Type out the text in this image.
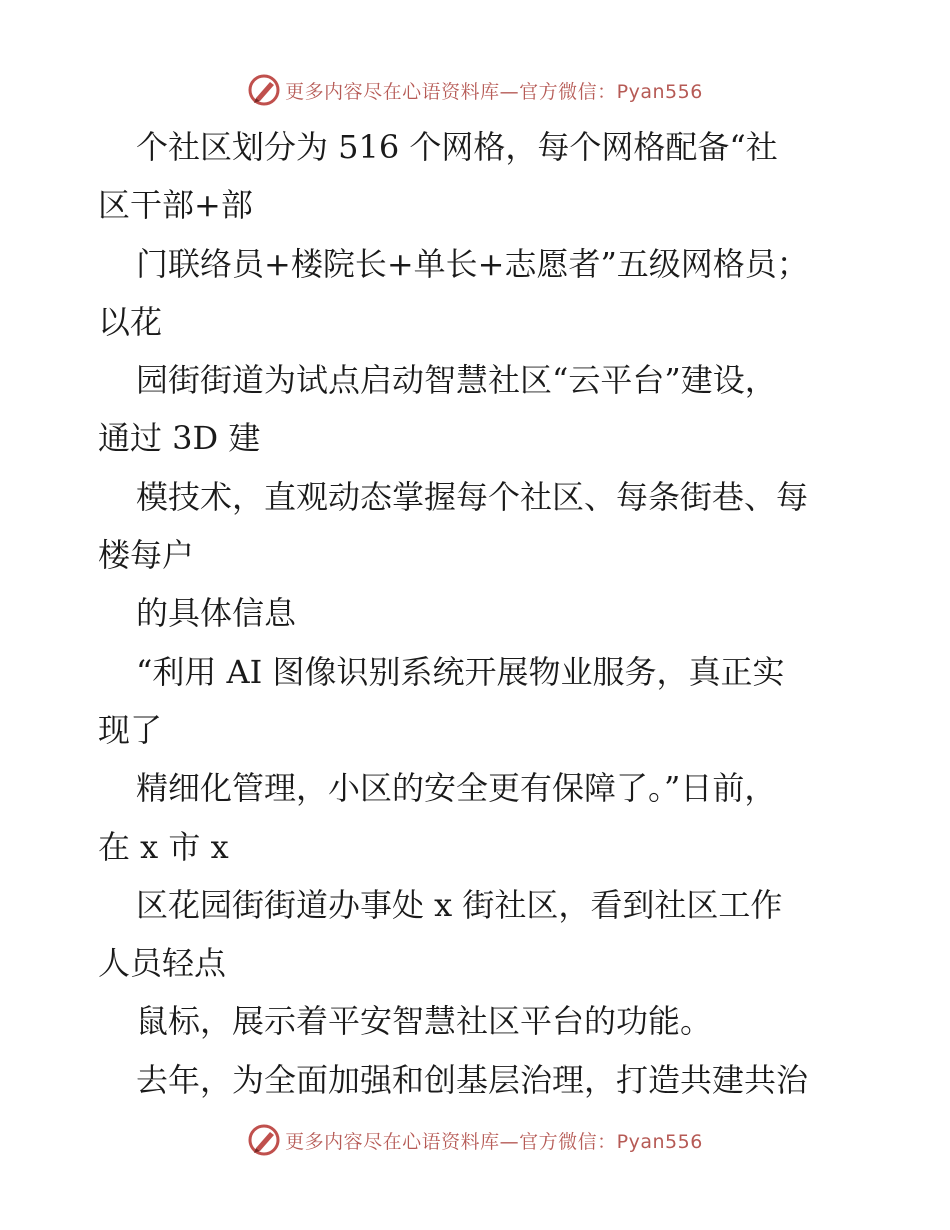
更多内容尽在心语资料库—官方微信：Pyan556
个社区划分为 516 个网格，每个网格配备“社
区干部+部
门联络员+楼院长+单长+志愿者”五级网格员；
以花
园街街道为试点启动智慧社区“云平台”建设，
通过 3D 建
模技术，直观动态掌握每个社区、每条街巷、每
楼每户
的具体信息
“利用 AI 图像识别系统开展物业服务，真正实
现了
精细化管理，小区的安全更有保障了。”日前，
在 x 市 x
区花园街街道办事处 x 街社区，看到社区工作
人员轻点
鼠标，展示着平安智慧社区平台的功能。
去年，为全面加强和创基层治理，打造共建共治
更多内容尽在心语资料库—官方微信：Pyan556
